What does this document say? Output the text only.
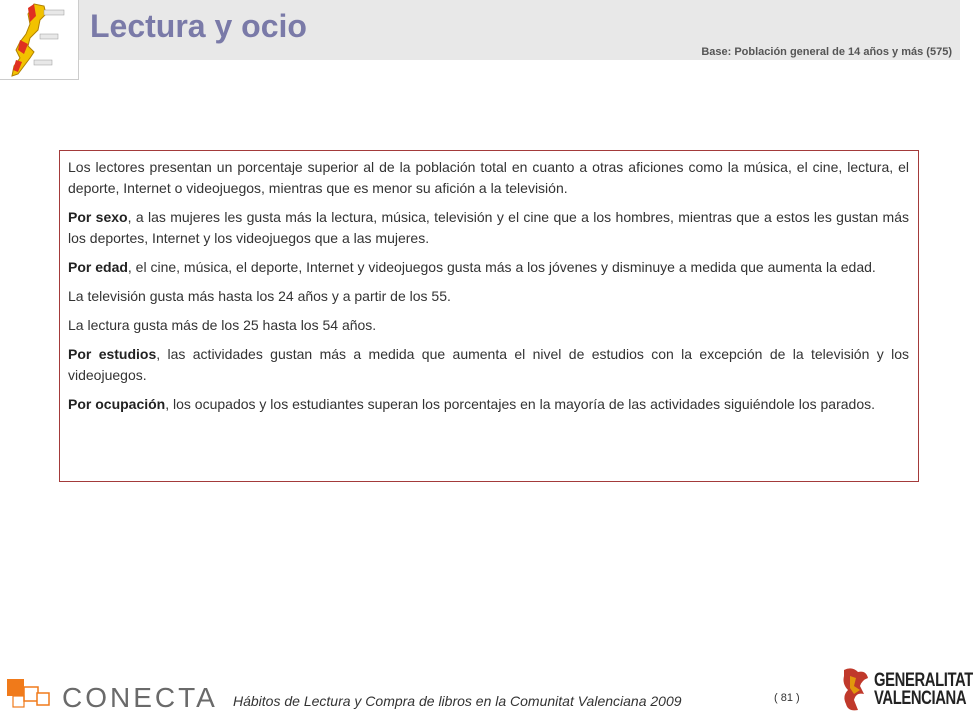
Lectura y ocio
Base: Población general de 14 años y más (575)

Los lectores presentan un porcentaje superior al de la población total en cuanto a otras aficiones como la música, el cine, lectura, el deporte, Internet o videojuegos, mientras que es menor su afición a la televisión.

Por sexo, a las mujeres les gusta más la lectura, música, televisión y el cine que a los hombres, mientras que a estos les gustan más los deportes, Internet y los videojuegos que a las mujeres.

Por edad, el cine, música, el deporte, Internet y videojuegos gusta más a los jóvenes y disminuye a medida que aumenta la edad.

La televisión gusta más hasta los 24 años y a partir de los 55.

La lectura gusta más de los 25 hasta los 54 años.

Por estudios, las actividades gustan más a medida que aumenta el nivel de estudios con la excepción de la televisión y los videojuegos.

Por ocupación, los ocupados y los estudiantes superan los porcentajes en la mayoría de las actividades siguiéndole los parados.

CONECTA Hábitos de Lectura y Compra de libros en la Comunitat Valenciana 2009	( 81 )
GENERALITAT
VALENCIANA
